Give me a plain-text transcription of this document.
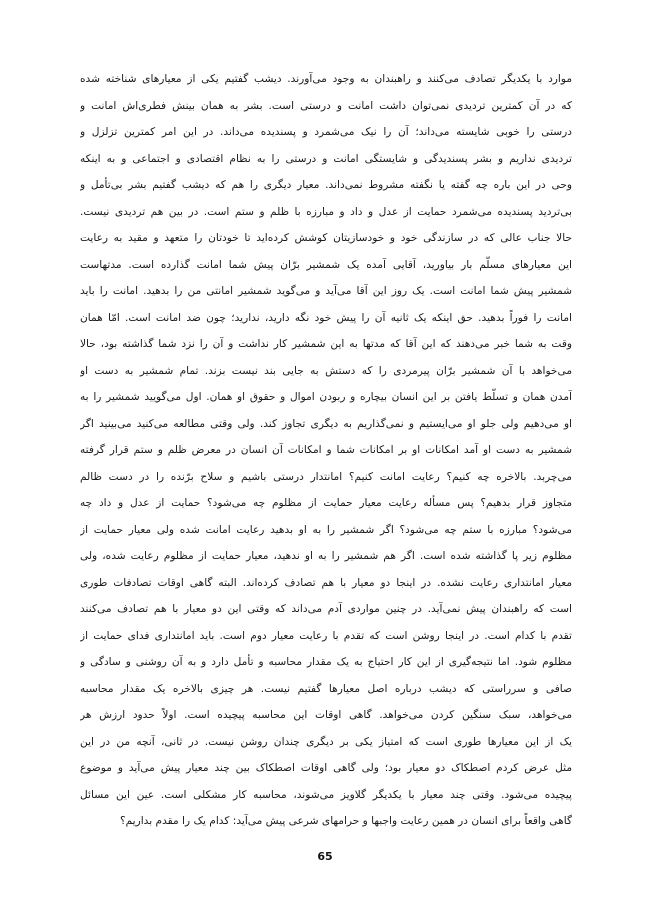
موارد با یکدیگر تصادف می‌کنند و راهبندان به وجود می‌آورند. دیشب گفتیم یکی از معیارهای شناخته شده
که در آن کمترین تردیدی نمی‌توان داشت امانت و درستی است. بشر به همان بینش فطری‌اش امانت و
درستی را خوبی شایسته می‌داند؛ آن را نیک می‌شمرد و پسندیده می‌داند. در این امر کمترین تزلزل و
تردیدی نداریم و بشر پسندیدگی و شایستگی امانت و درستی را به نظام اقتصادی و اجتماعی و به اینکه
وحی در این باره چه گفته یا نگفته مشروط نمی‌داند. معیار دیگری را هم که دیشب گفتیم بشر بی‌تأمل و
بی‌تردید پسندیده می‌شمرد حمایت از عدل و داد و مبارزه با ظلم و ستم است. در بین هم تردیدی نیست.
حالا جناب عالی که در سازندگی خود و خودسازیتان کوشش کرده‌اید تا خودتان را متعهد و مقید به رعایت
این معیارهای مسلّم بار بیاورید، آقایی آمده یک شمشیر برّان پیش شما امانت گذارده است. مدتهاست
شمشیر پیش شما امانت است. یک روز این آقا می‌آید و می‌گوید شمشیر امانتی من را بدهید. امانت را باید
امانت را فوراً بدهید. حق اینکه یک ثانیه آن را پیش خود نگه دارید، ندارید؛ چون ضد امانت است. امّا همان
وقت به شما خبر می‌دهند که این آقا که مدتها به این شمشیر کار نداشت و آن را نزد شما گذاشته بود، حالا
می‌خواهد با آن شمشیر برّان پیرمردی را که دستش به جایی بند نیست بزند. تمام شمشیر به دست او
آمدن همان و تسلّط یافتن بر این انسان بیچاره و ربودن اموال و حقوق او همان. اول می‌گویید شمشیر را به
او می‌دهیم ولی جلو او می‌ایستیم و نمی‌گذاریم به دیگری تجاوز کند. ولی وقتی مطالعه می‌کنید می‌بینید اگر
شمشیر به دست او آمد امکانات او بر امکانات شما و امکانات آن انسان در معرض ظلم و ستم قرار گرفته
می‌چربد. بالاخره چه کنیم؟ رعایت امانت کنیم؟ امانتدار درستی باشیم و سلاح برّنده را در دست ظالم
متجاوز قرار بدهیم؟ پس مسأله رعایت معیار حمایت از مظلوم چه می‌شود؟ حمایت از عدل و داد چه
می‌شود؟ مبارزه با ستم چه می‌شود؟ اگر شمشیر را به او بدهید رعایت امانت شده ولی معیار حمایت از
مظلوم زیر پا گذاشته شده است. اگر هم شمشیر را به او ندهید، معیار حمایت از مظلوم رعایت شده، ولی
معیار امانتداری رعایت نشده. در اینجا دو معیار با هم تصادف کرده‌اند. البته گاهی اوقات تصادفات طوری
است که راهبندان پیش نمی‌آید. در چنین مواردی آدم می‌داند که وقتی این دو معیار با هم تصادف می‌کنند
تقدم با کدام است. در اینجا روشن است که تقدم با رعایت معیار دوم است. باید امانتداری فدای حمایت از
مظلوم شود. اما نتیجه‌گیری از این کار احتیاج به یک مقدار محاسبه و تأمل دارد و به آن روشنی و سادگی و
صافی و سرراستی که دیشب درباره اصل معیارها گفتیم نیست. هر چیزی بالاخره یک مقدار محاسبه
می‌خواهد، سبک سنگین کردن می‌خواهد. گاهی اوقات این محاسبه پیچیده است. اولاً حدود ارزش هر
یک از این معیارها طوری است که امتیاز یکی بر دیگری چندان روشن نیست. در ثانی، آنچه من در این
مثل عرض کردم اصطکاک دو معیار بود؛ ولی گاهی اوقات اصطکاک بین چند معیار پیش می‌آید و موضوع
پیچیده می‌شود. وقتی چند معیار با یکدیگر گلاویز می‌شوند، محاسبه کار مشکلی است. عین این مسائل
گاهی واقعاً برای انسان در همین رعایت واجبها و حرامهای شرعی پیش می‌آید: کدام یک را مقدم بداریم؟
65
